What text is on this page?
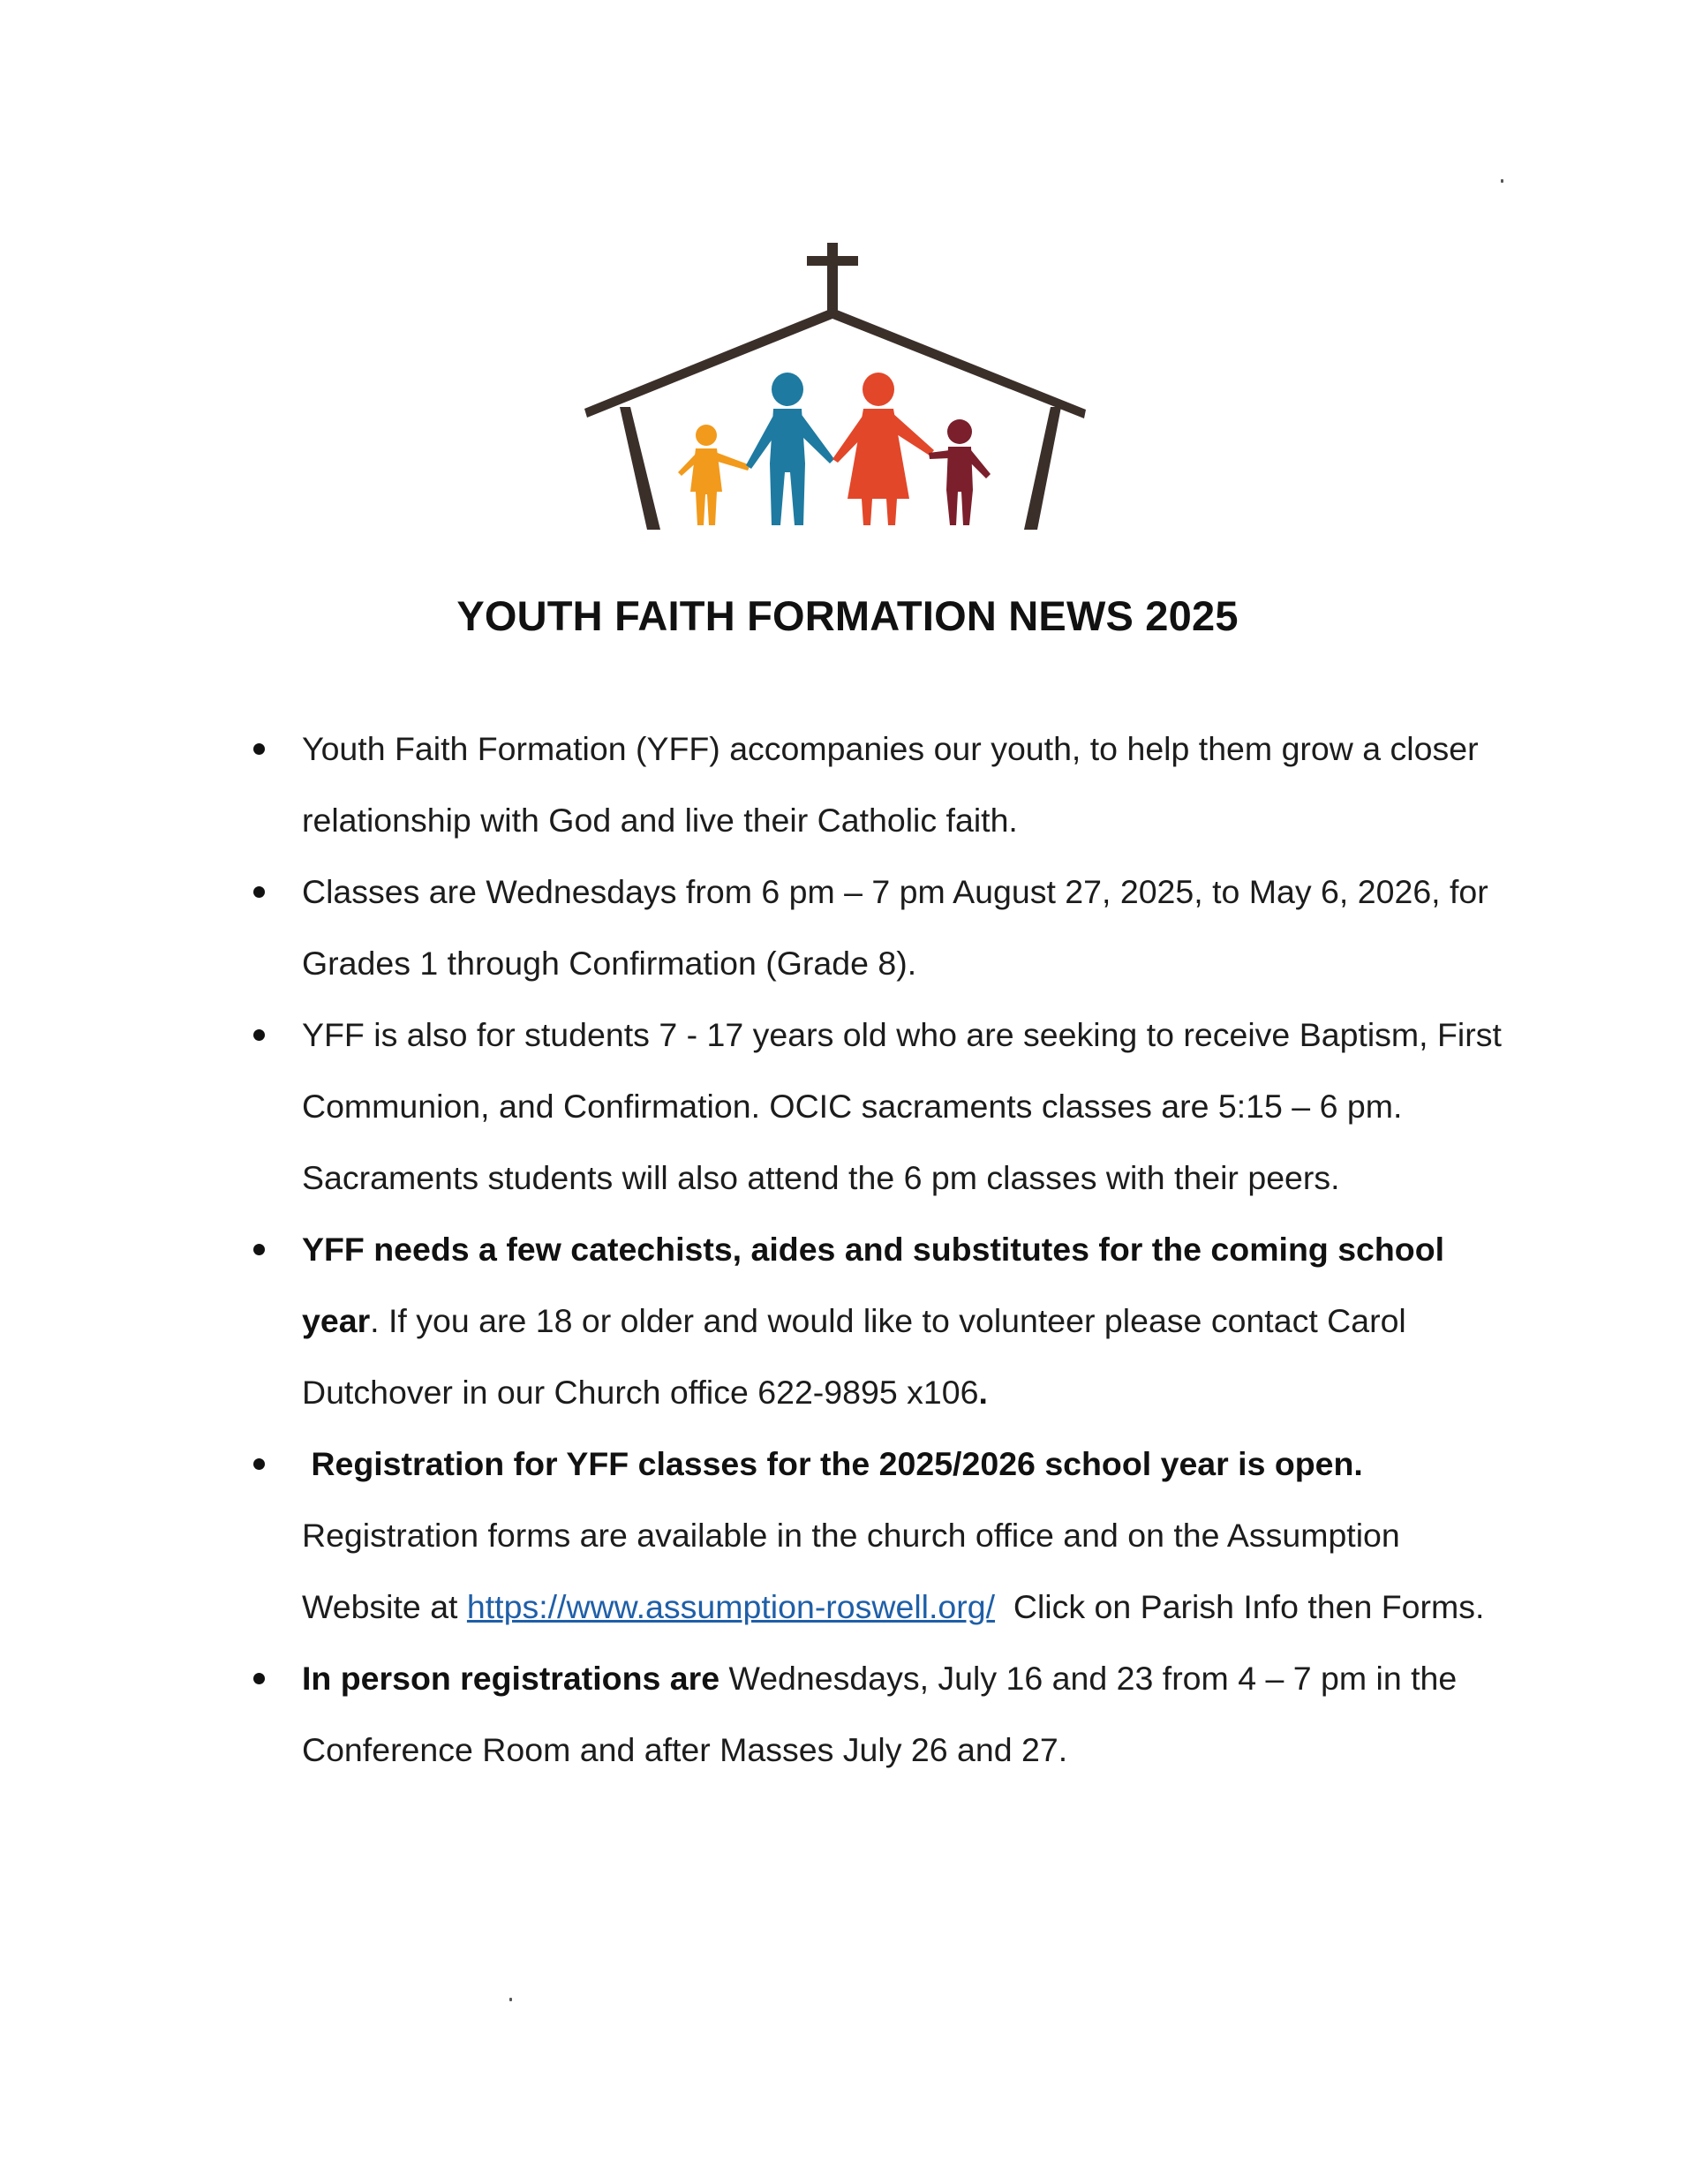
YOUTH FAITH FORMATION NEWS 2025
Youth Faith Formation (YFF) accompanies our youth, to help them grow a closer relationship with God and live their Catholic faith.
Classes are Wednesdays from 6 pm – 7 pm August 27, 2025, to May 6, 2026, for Grades 1 through Confirmation (Grade 8).
YFF is also for students 7 - 17 years old who are seeking to receive Baptism, First Communion, and Confirmation. OCIC sacraments classes are 5:15 – 6 pm. Sacraments students will also attend the 6 pm classes with their peers.
YFF needs a few catechists, aides and substitutes for the coming school year. If you are 18 or older and would like to volunteer please contact Carol Dutchover in our Church office 622-9895 x106.
Registration for YFF classes for the 2025/2026 school year is open. Registration forms are available in the church office and on the Assumption Website at https://www.assumption-roswell.org/  Click on Parish Info then Forms.
In person registrations are Wednesdays, July 16 and 23 from 4 – 7 pm in the Conference Room and after Masses July 26 and 27.
